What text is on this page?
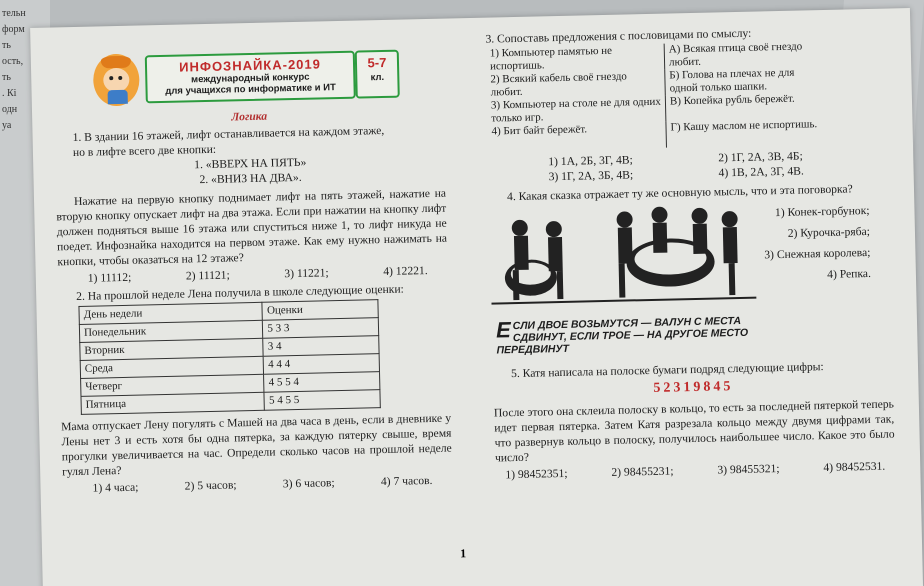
тельн
форм
ть
ость,
ть
. Кі
одн
уа
ИНФОЗНАЙКА-2019
международный конкурс
для учащихся по информатике и ИТ
5-7
кл.

Логика

1. В здании 16 этажей, лифт останавливается на каждом этаже,

но в лифте всего две кнопки:

1. «ВВЕРХ НА ПЯТЬ»

2. «ВНИЗ НА ДВА».

Нажатие на первую кнопку поднимает лифт на пять этажей, нажатие на вторую кнопку опускает лифт на два этажа. Если при нажатии на кнопку лифт должен подняться выше 16 этажа или спуститься ниже 1, то лифт никуда не поедет. Инфознайка находится на первом этаже. Как ему нужно нажимать на кнопки, чтобы оказаться на 12 этаже?

1) 11112;	2) 11121;	3) 11221;	4) 12221.

2. На прошлой неделе Лена получила в школе следующие оценки:

День недели	Оценки
Понедельник	5 3 3
Вторник	3 4
Среда	4 4 4
Четверг	4 5 5 4
Пятница	5 4 5 5

Мама отпускает Лену погулять с Машей на два часа в день, если в дневнике у Лены нет 3 и есть хотя бы одна пятерка, за каждую пятерку свыше, время прогулки увеличивается на час. Определи сколько часов на прошлой неделе гулял Лена?

1) 4 часа;	2) 5 часов;	3) 6 часов;	4) 7 часов.

3. Сопоставь предложения с пословицами по смыслу:

1) Компьютер памятью не испортишь.	А) Всякая птица своё гнездо любит.
2) Всякий кабель своё гнездо любит.	Б) Голова на плечах не для одной только шапки.
3) Компьютер на столе не для одних только игр.	В) Копейка рубль бережёт.
4) Бит байт бережёт.	Г) Кашу маслом не испортишь.
1) 1А, 2Б, 3Г, 4В;	2) 1Г, 2А, 3В, 4Б;
3) 1Г, 2А, 3Б, 4В;	4) 1В, 2А, 3Г, 4В.

4. Какая сказка отражает ту же основную мысль, что и эта поговорка?

Е СЛИ ДВОЕ ВОЗЬМУТСЯ — ВАЛУН С МЕСТА СДВИНУТ, ЕСЛИ ТРОЕ — НА ДРУГОЕ МЕСТО ПЕРЕДВИНУТ
1) Конек-горбунок;
2) Курочка-ряба;
3) Снежная королева;
4) Репка.

5. Катя написала на полоске бумаги подряд следующие цифры:

52319845

После этого она склеила полоску в кольцо, то есть за последней пятеркой теперь идет первая пятерка. Затем Катя разрезала кольцо между двумя цифрами так, что развернув кольцо в полоску, получилось наибольшее число. Какое это было число?

1) 98452351;	2) 98455231;	3) 98455321;	4) 98452531.
1
